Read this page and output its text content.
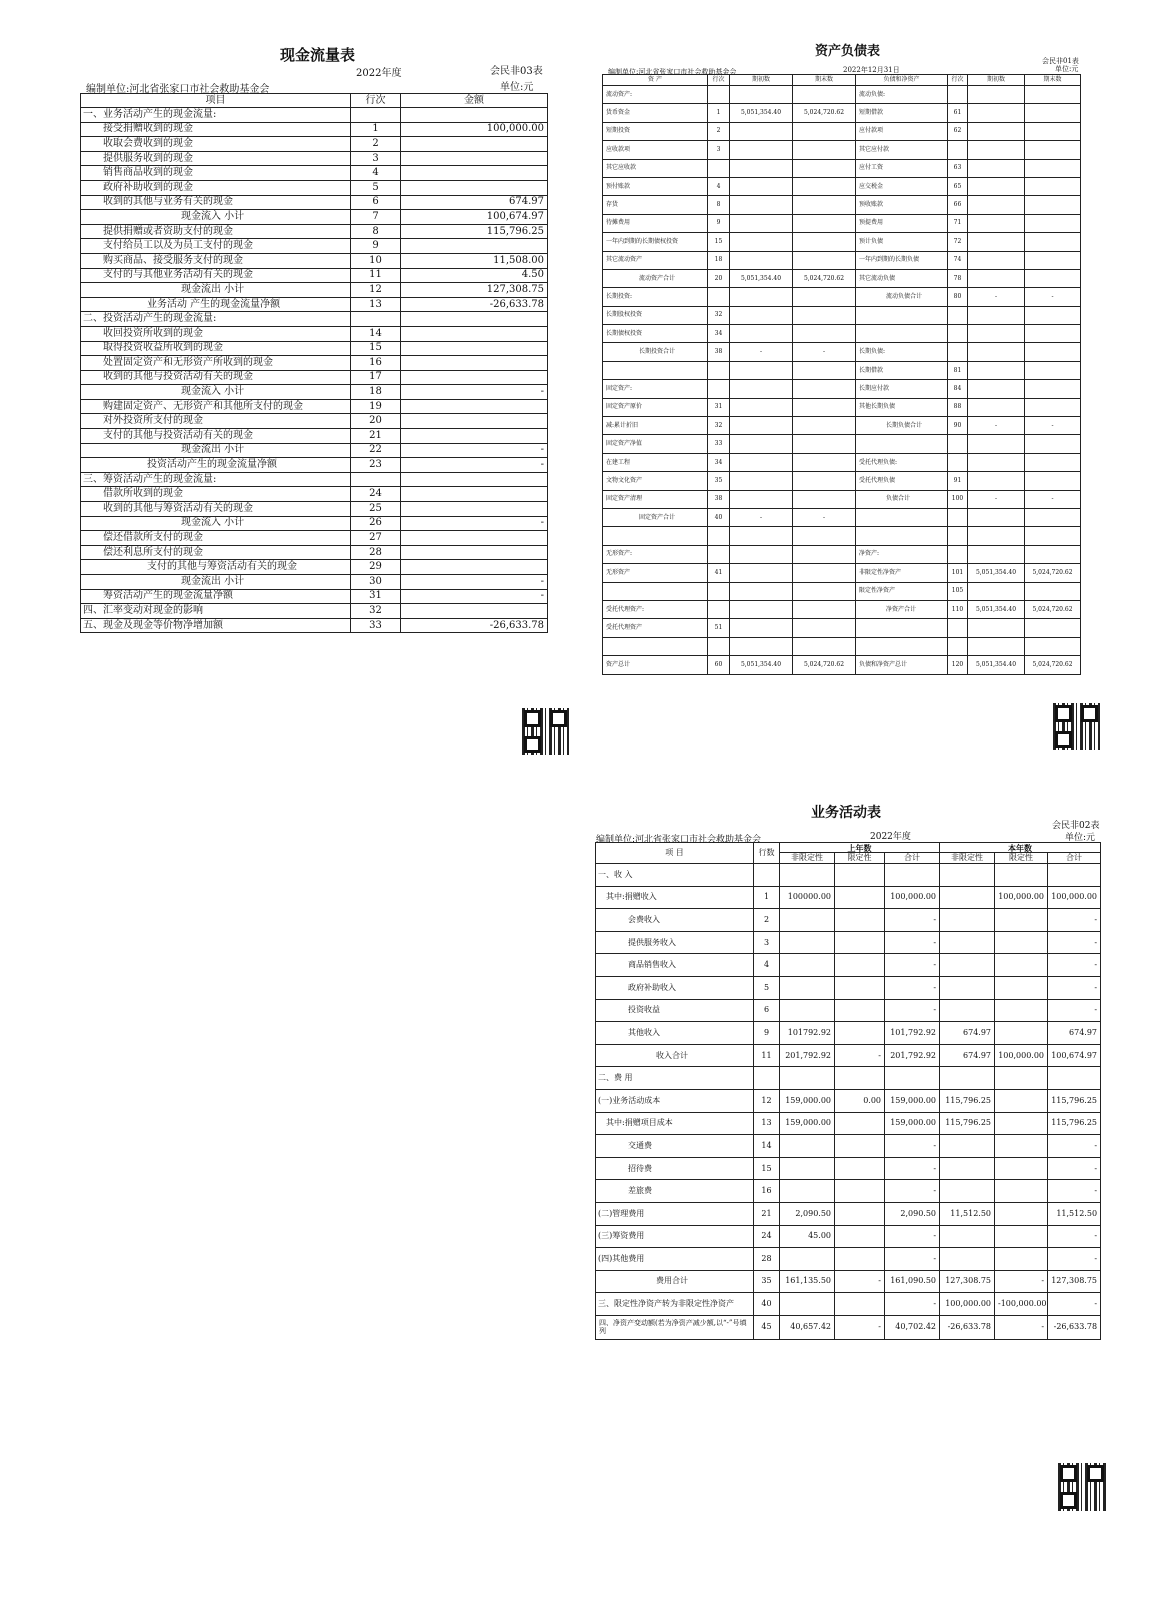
现金流量表
2022年度	会民非03表
编制单位:河北省张家口市社会救助基金会	单位:元
项目	行次	金额
一、业务活动产生的现金流量:		
接受捐赠收到的现金	1	100,000.00
收取会费收到的现金	2	
提供服务收到的现金	3	
销售商品收到的现金	4	
政府补助收到的现金	5	
收到的其他与业务有关的现金	6	674.97
现金流入 小计	7	100,674.97
提供捐赠或者资助支付的现金	8	115,796.25
支付给员工以及为员工支付的现金	9	
购买商品、接受服务支付的现金	10	11,508.00
支付的与其他业务活动有关的现金	11	4.50
现金流出 小计	12	127,308.75
业务活动 产生的现金流量净额	13	-26,633.78
二、投资活动产生的现金流量:		
收回投资所收到的现金	14	
取得投资收益所收到的现金	15	
处置固定资产和无形资产所收到的现金	16	
收到的其他与投资活动有关的现金	17	
现金流入 小计	18	-
购建固定资产、无形资产和其他所支付的现金	19	
对外投资所支付的现金	20	
支付的其他与投资活动有关的现金	21	
现金流出 小计	22	-
投资活动产生的现金流量净额	23	-
三、筹资活动产生的现金流量:		
借款所收到的现金	24	
收到的其他与筹资活动有关的现金	25	
现金流入 小计	26	-
偿还借款所支付的现金	27	
偿还利息所支付的现金	28	
支付的其他与筹资活动有关的现金	29	
现金流出 小计	30	-
筹资活动产生的现金流量净额	31	-
四、汇率变动对现金的影响	32	
五、现金及现金等价物净增加额	33	-26,633.78
资产负债表
会民非01表
单位:元
编制单位:河北省张家口市社会救助基金会	2022年12月31日
资 产	行次	期初数	期末数	负债和净资产	行次	期初数	期末数
流动资产:				流动负债:			
货币资金	1	5,051,354.40	5,024,720.62	短期借款	61		
短期投资	2			应付款项	62		
应收款项	3			其它应付款			
其它应收款				应付工资	63		
预付账款	4			应交税金	65		
存货	8			预收账款	66		
待摊费用	9			预提费用	71		
一年内到期的长期债权投资	15			预计负债	72		
其它流动资产	18			一年内到期的长期负债	74		
流动资产合计	20	5,051,354.40	5,024,720.62	其它流动负债	78		
长期投资:				流动负债合计	80	-	-
长期股权投资	32						
长期债权投资	34						
长期投资合计	38	-	-	长期负债:			
				长期借款	81		
固定资产:				长期应付款	84		
固定资产原价	31			其他长期负债	88		
减:累计折旧	32			长期负债合计	90	-	-
固定资产净值	33						
在建工程	34			受托代理负债:			
文物文化资产	35			受托代理负债	91		
固定资产清理	38			负债合计	100	-	-
固定资产合计	40	-	-				

无形资产:				净资产:			
无形资产	41			非限定性净资产	101	5,051,354.40	5,024,720.62
				限定性净资产	105		
受托代理资产:				净资产合计	110	5,051,354.40	5,024,720.62
受托代理资产	51						

资产总计	60	5,051,354.40	5,024,720.62	负债和净资产总计	120	5,051,354.40	5,024,720.62
业务活动表
会民非02表
单位:元
编制单位:河北省张家口市社会救助基金会	2022年度
项 目	行数	上年数			本年数		
		非限定性	限定性	合计	非限定性	限定性	合计
一、收 入							
其中:捐赠收入	1	100000.00		100,000.00		100,000.00	100,000.00
会费收入	2			-			-
提供服务收入	3			-			-
商品销售收入	4			-			-
政府补助收入	5			-			-
投资收益	6			-			-
其他收入	9	101792.92		101,792.92	674.97		674.97
收入合计	11	201,792.92	-	201,792.92	674.97	100,000.00	100,674.97
二、费 用							
(一)业务活动成本	12	159,000.00	0.00	159,000.00	115,796.25		115,796.25
其中:捐赠项目成本	13	159,000.00		159,000.00	115,796.25		115,796.25
交通费	14			-			-
招待费	15			-			-
差旅费	16			-			-
(二)管理费用	21	2,090.50		2,090.50	11,512.50		11,512.50
(三)筹资费用	24	45.00		-			-
(四)其他费用	28			-			-
费用合计	35	161,135.50	-	161,090.50	127,308.75	-	127,308.75
三、限定性净资产转为非限定性净资产	40			-	100,000.00	-100,000.00	-
四、净资产变动额(若为净资产减少额,以“-”号填列	45	40,657.42	-	40,702.42	-26,633.78	-	-26,633.78
